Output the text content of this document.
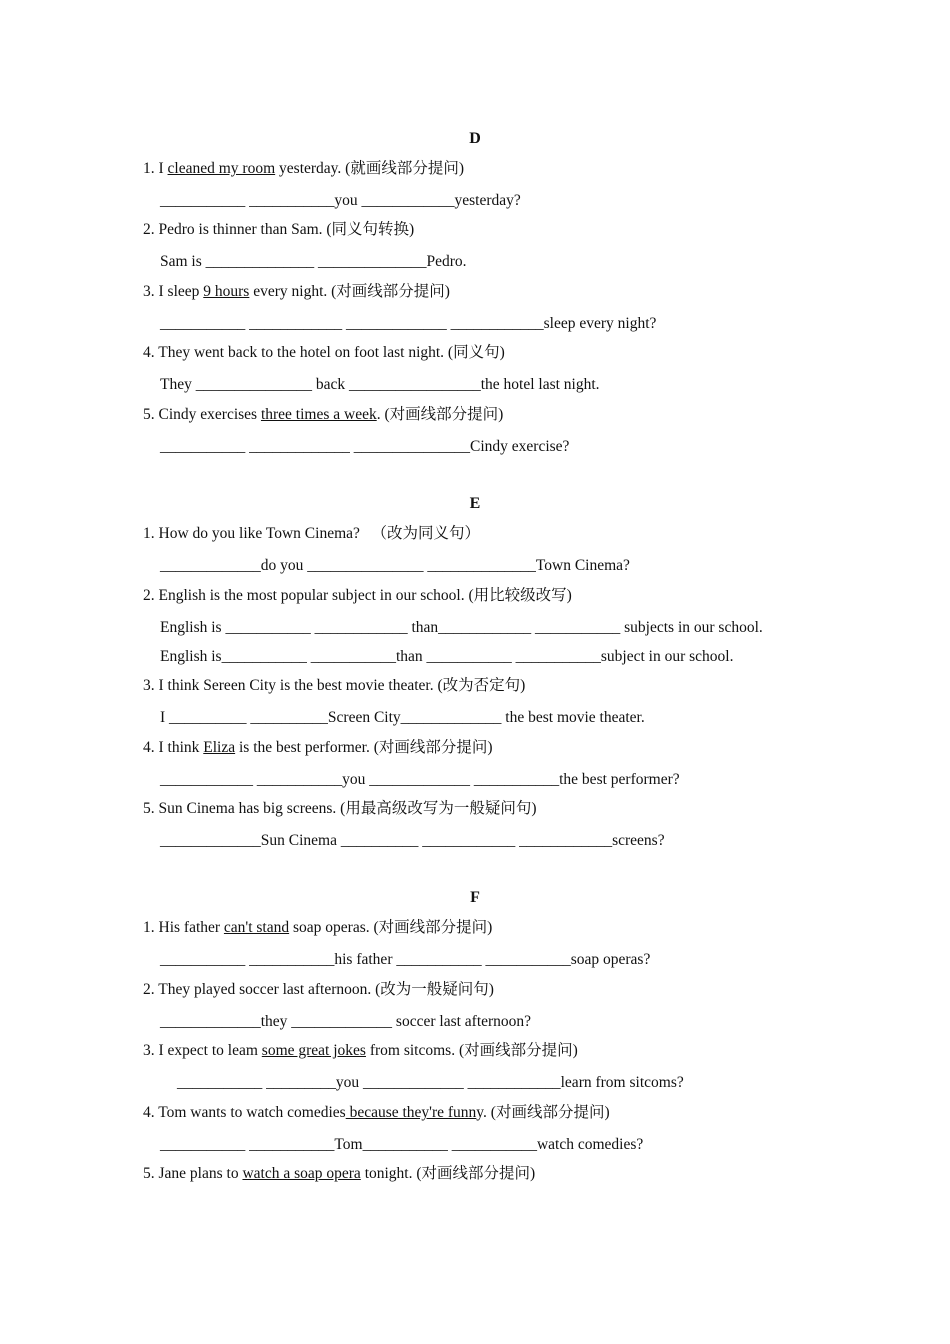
D
1. I cleaned my room yesterday. (就画线部分提问)
___________ ___________you ____________yesterday?
2. Pedro is thinner than Sam. (同义句转换)
Sam is ______________ ______________Pedro.
3. I sleep 9 hours every night. (对画线部分提问)
___________ ____________ _____________ ____________sleep every night?
4. They went back to the hotel on foot last night. (同义句)
They _______________ back _________________the hotel last night.
5. Cindy exercises three times a week. (对画线部分提问)
___________ _____________ _______________Cindy exercise?
E
1. How do you like Town Cinema?   （改为同义句）
_____________do you _______________ ______________Town Cinema?
2. English is the most popular subject in our school. (用比较级改写)
English is ___________ ____________ than____________ ___________ subjects in our school.
English is___________ ___________than ___________ ___________subject in our school.
3. I think Sereen City is the best movie theater. (改为否定句)
I __________ __________Screen City_____________ the best movie theater.
4. I think Eliza is the best performer. (对画线部分提问)
____________ ___________you _____________ ___________the best performer?
5. Sun Cinema has big screens. (用最高级改写为一般疑问句)
_____________Sun Cinema __________ ____________ ____________screens?
F
1. His father can't stand soap operas. (对画线部分提问)
___________ ___________his father ___________ ___________soap operas?
2. They played soccer last afternoon. (改为一般疑问句)
_____________they _____________ soccer last afternoon?
3. I expect to leam some great jokes from sitcoms. (对画线部分提问)
___________ _________you _____________ ____________learn from sitcoms?
4. Tom wants to watch comedies because they're funny. (对画线部分提问)
___________ ___________Tom___________ ___________watch comedies?
5. Jane plans to watch a soap opera tonight. (对画线部分提问)
